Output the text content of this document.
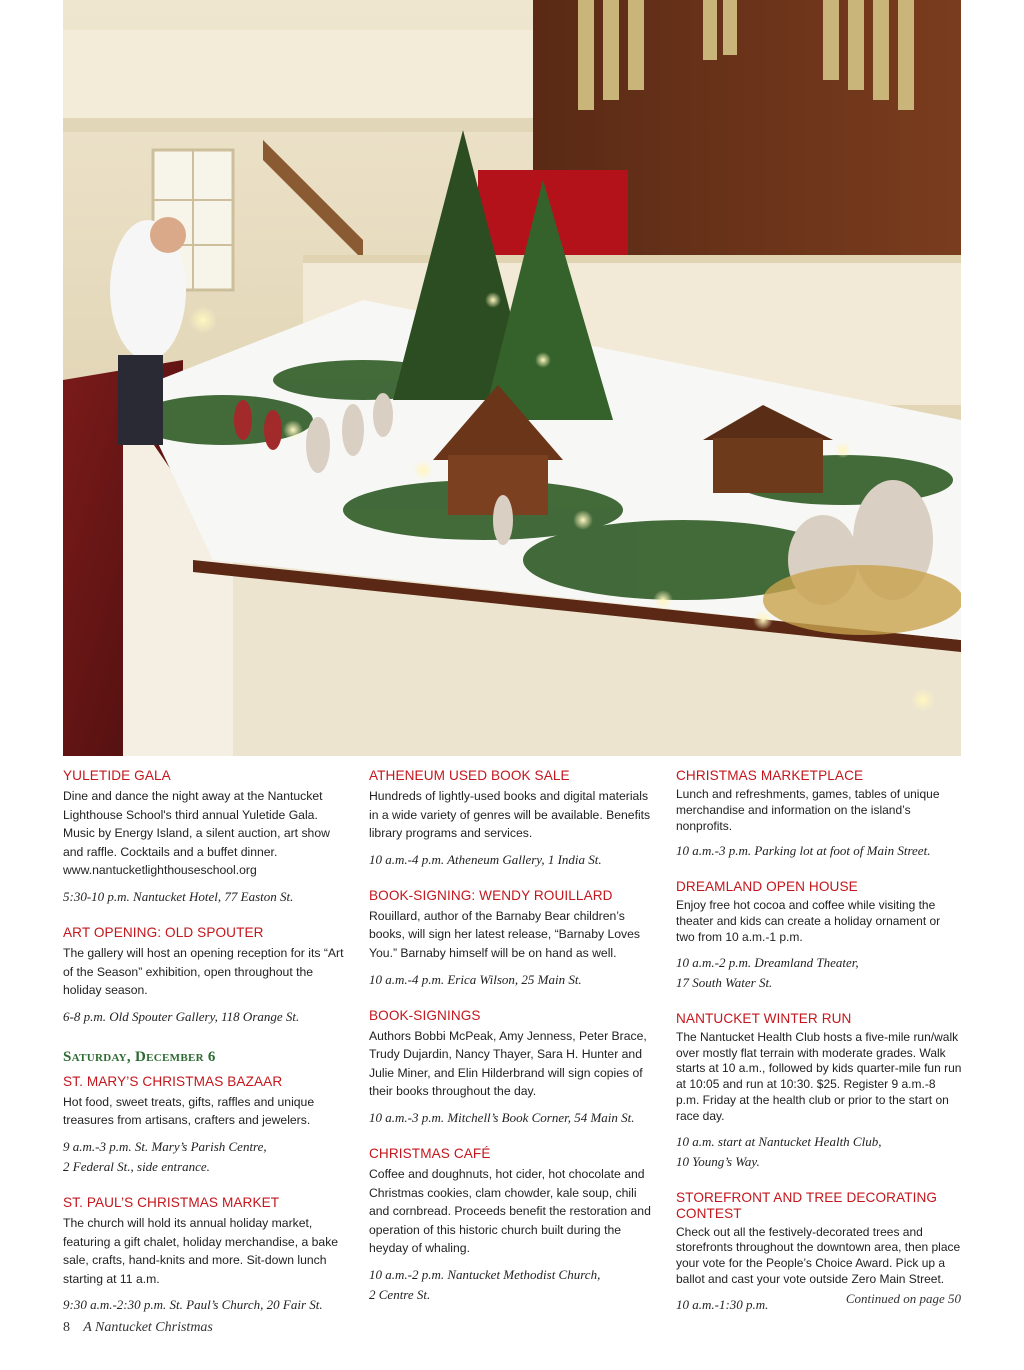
YULETIDE GALA

Dine and dance the night away at the Nantucket Lighthouse School's third annual Yuletide Gala. Music by Energy Island, a silent auction, art show and raffle. Cocktails and a buffet dinner. www.nantucketlighthouseschool.org

5:30-10 p.m. Nantucket Hotel, 77 Easton St.
ART OPENING: OLD SPOUTER

The gallery will host an opening reception for its “Art of the Season” exhibition, open throughout the holiday season.

6-8 p.m. Old Spouter Gallery, 118 Orange St.
Saturday, December 6
ST. MARY’S CHRISTMAS BAZAAR

Hot food, sweet treats, gifts, raffles and unique treasures from artisans, crafters and jewelers.

9 a.m.-3 p.m. St. Mary’s Parish Centre,
2 Federal St., side entrance.
ST. PAUL’S CHRISTMAS MARKET

The church will hold its annual holiday market, featuring a gift chalet, holiday merchandise, a bake sale, crafts, hand-knits and more. Sit-down lunch starting at 11 a.m.

9:30 a.m.-2:30 p.m. St. Paul’s Church, 20 Fair St.
ATHENEUM USED BOOK SALE

Hundreds of lightly-used books and digital materials in a wide variety of genres will be available. Benefits library programs and services.

10 a.m.-4 p.m. Atheneum Gallery, 1 India St.
BOOK-SIGNING: WENDY ROUILLARD

Rouillard, author of the Barnaby Bear children’s books, will sign her latest release, “Barnaby Loves You.” Barnaby himself will be on hand as well.

10 a.m.-4 p.m. Erica Wilson, 25 Main St.
BOOK-SIGNINGS

Authors Bobbi McPeak, Amy Jenness, Peter Brace, Trudy Dujardin, Nancy Thayer, Sara H. Hunter and Julie Miner, and Elin Hilderbrand will sign copies of their books throughout the day.

10 a.m.-3 p.m. Mitchell’s Book Corner, 54 Main St.
CHRISTMAS CAFÉ

Coffee and doughnuts, hot cider, hot chocolate and Christmas cookies, clam chowder, kale soup, chili and cornbread. Proceeds benefit the restoration and operation of this historic church built during the heyday of whaling.

10 a.m.-2 p.m. Nantucket Methodist Church,
2 Centre St.
CHRISTMAS MARKETPLACE

Lunch and refreshments, games, tables of unique merchandise and information on the island’s nonprofits.

10 a.m.-3 p.m. Parking lot at foot of Main Street.
DREAMLAND OPEN HOUSE

Enjoy free hot cocoa and coffee while visiting the theater and kids can create a holiday ornament or two from 10 a.m.-1 p.m.

10 a.m.-2 p.m. Dreamland Theater,
17 South Water St.
NANTUCKET WINTER RUN

The Nantucket Health Club hosts a five-mile run/walk over mostly flat terrain with moderate grades. Walk starts at 10 a.m., followed by kids quarter-mile fun run at 10:05 and run at 10:30. $25. Register 9 a.m.-8 p.m. Friday at the health club or prior to the start on race day.

10 a.m. start at Nantucket Health Club,
10 Young’s Way.
STOREFRONT AND TREE DECORATING CONTEST

Check out all the festively-decorated trees and storefronts throughout the downtown area, then place your vote for the People’s Choice Award. Pick up a ballot and cast your vote outside Zero Main Street.

10 a.m.-1:30 p.m.	Continued on page 50
8 A Nantucket Christmas
